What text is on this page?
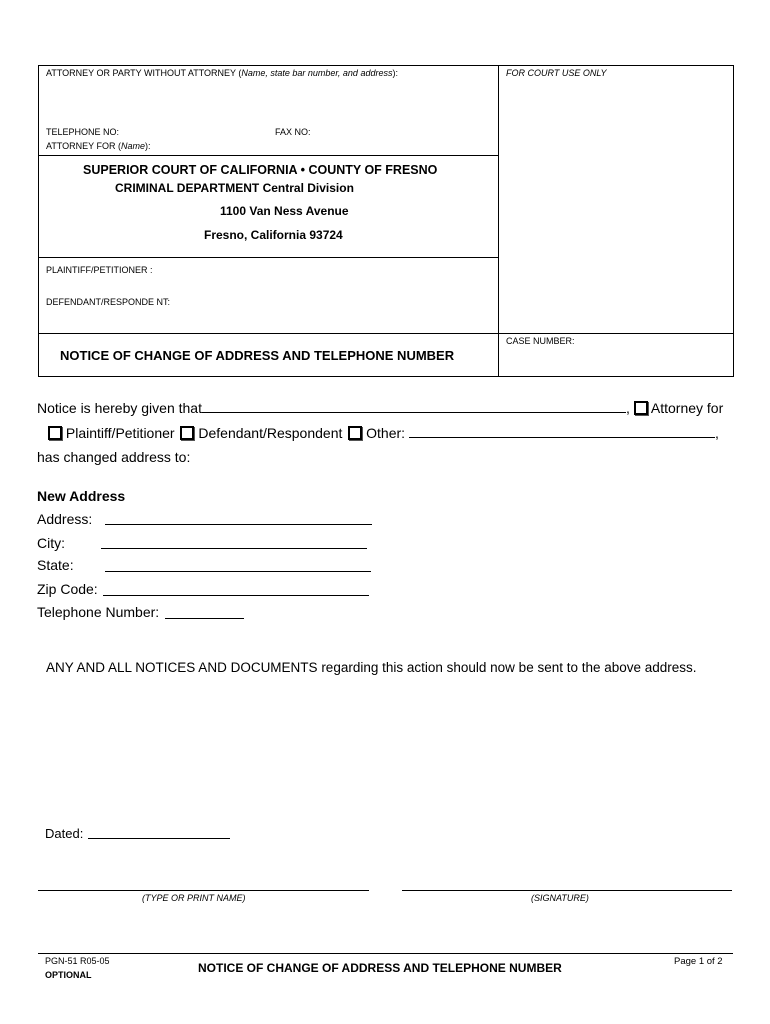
ATTORNEY OR PARTY WITHOUT ATTORNEY (Name, state bar number, and address):	FOR COURT USE ONLY
TELEPHONE NO:	FAX NO:
ATTORNEY FOR (Name):
SUPERIOR COURT OF CALIFORNIA • COUNTY OF FRESNO
CRIMINAL DEPARTMENT Central Division
1100 Van Ness Avenue
Fresno, California 93724
PLAINTIFF/PETITIONER :
DEFENDANT/RESPONDE NT:
CASE NUMBER:
NOTICE OF CHANGE OF ADDRESS AND TELEPHONE NUMBER
Notice is hereby given that	, Attorney for
Plaintiff/Petitioner Defendant/Respondent Other:	,
has changed address to:
New Address
Address:
City:
State:
Zip Code:
Telephone Number:
ANY AND ALL NOTICES AND DOCUMENTS regarding this action should now be sent to the above address.
Dated:
(TYPE OR PRINT NAME)	(SIGNATURE)
PGN-51 R05-05
OPTIONAL	NOTICE OF CHANGE OF ADDRESS AND TELEPHONE NUMBER	Page 1 of 2
